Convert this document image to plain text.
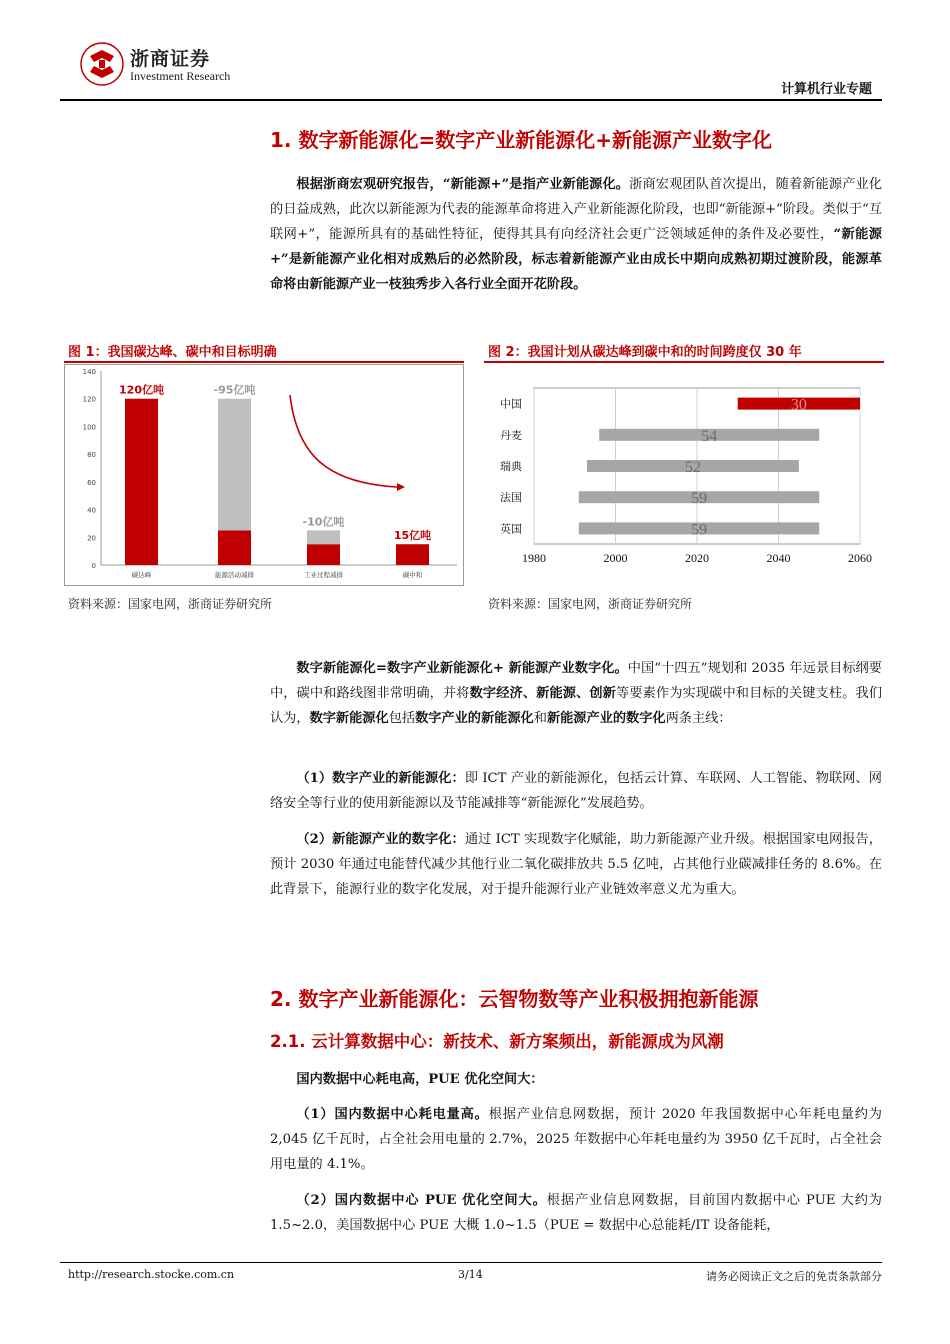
浙商证券
Investment Research
计算机行业专题
1. 数字新能源化=数字产业新能源化+新能源产业数字化

根据浙商宏观研究报告，“新能源+”是指产业新能源化。浙商宏观团队首次提出，随着新能源产业化的日益成熟，此次以新能源为代表的能源革命将进入产业新能源化阶段，也即“新能源+”阶段。类似于“互联网+”，能源所具有的基础性特征，使得其具有向经济社会更广泛领域延伸的条件及必要性，“新能源+”是新能源产业化相对成熟后的必然阶段，标志着新能源产业由成长中期向成熟初期过渡阶段，能源革命将由新能源产业一枝独秀步入各行业全面开花阶段。

图 1：我国碳达峰、碳中和目标明确
0
20
40
60
80
100
120
140
120亿吨
碳达峰
-95亿吨
能源活动减排
-10亿吨
工业过程减排
15亿吨
碳中和
资料来源：国家电网，浙商证券研究所
图 2：我国计划从碳达峰到碳中和的时间跨度仅 30 年
1980	2000	2020	2040	2060
中国	30
丹麦	54
瑞典	52
法国	59
英国	59
资料来源：国家电网，浙商证券研究所

数字新能源化=数字产业新能源化+ 新能源产业数字化。中国“十四五”规划和 2035 年远景目标纲要中，碳中和路线图非常明确，并将数字经济、新能源、创新等要素作为实现碳中和目标的关键支柱。我们认为，数字新能源化包括数字产业的新能源化和新能源产业的数字化两条主线：

（1）数字产业的新能源化：即 ICT 产业的新能源化，包括云计算、车联网、人工智能、物联网、网络安全等行业的使用新能源以及节能减排等“新能源化”发展趋势。

（2）新能源产业的数字化：通过 ICT 实现数字化赋能，助力新能源产业升级。根据国家电网报告，预计 2030 年通过电能替代减少其他行业二氧化碳排放共 5.5 亿吨，占其他行业碳减排任务的 8.6%。在此背景下，能源行业的数字化发展，对于提升能源行业产业链效率意义尤为重大。

2. 数字产业新能源化：云智物数等产业积极拥抱新能源
2.1. 云计算数据中心：新技术、新方案频出，新能源成为风潮

国内数据中心耗电高，PUE 优化空间大：

（1）国内数据中心耗电量高。根据产业信息网数据，预计 2020 年我国数据中心年耗电量约为 2,045 亿千瓦时，占全社会用电量的 2.7%，2025 年数据中心年耗电量约为 3950 亿千瓦时，占全社会用电量的 4.1%。

（2）国内数据中心 PUE 优化空间大。根据产业信息网数据，目前国内数据中心 PUE 大约为 1.5~2.0，美国数据中心 PUE 大概 1.0~1.5（PUE = 数据中心总能耗/IT 设备能耗，

http://research.stocke.com.cn	3/14	请务必阅读正文之后的免责条款部分
